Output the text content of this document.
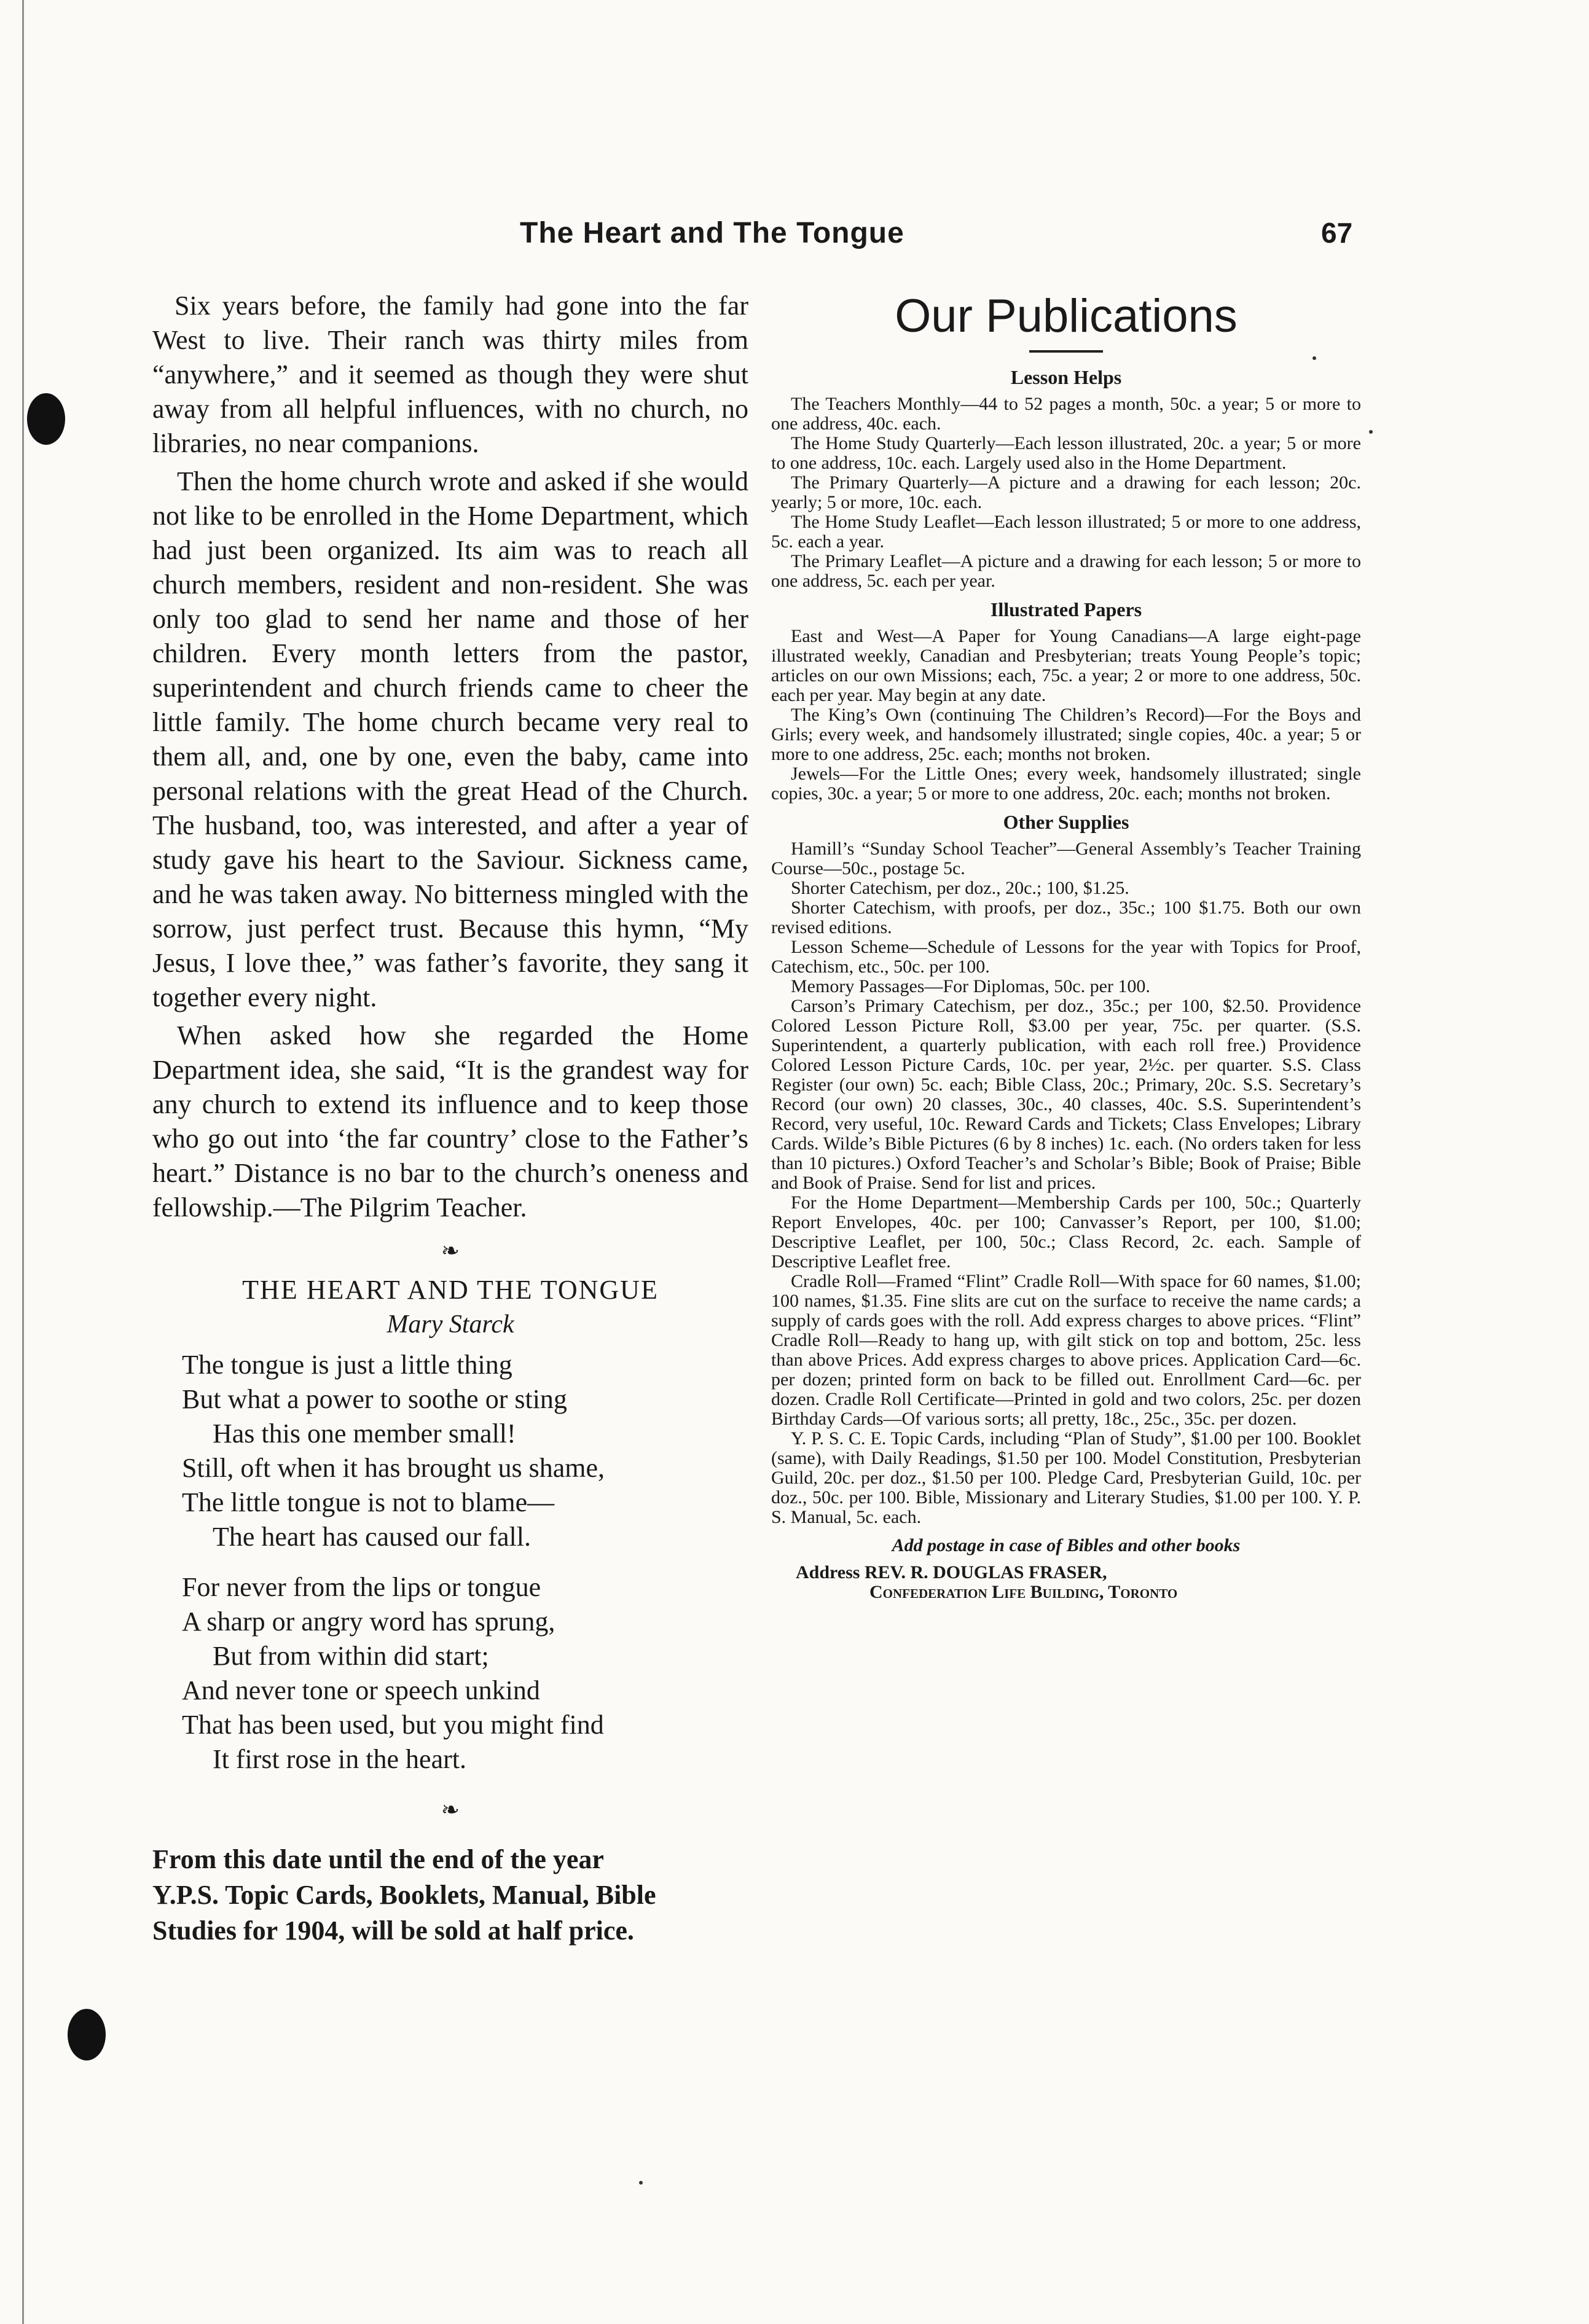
The Heart and The Tongue	67

Six years before, the family had gone into the far West to live. Their ranch was thirty miles from “anywhere,” and it seemed as though they were shut away from all helpful influences, with no church, no libraries, no near companions.

Then the home church wrote and asked if she would not like to be enrolled in the Home Department, which had just been organized. Its aim was to reach all church members, resident and non-resident. She was only too glad to send her name and those of her children. Every month letters from the pastor, superintendent and church friends came to cheer the little family. The home church became very real to them all, and, one by one, even the baby, came into personal relations with the great Head of the Church. The husband, too, was interested, and after a year of study gave his heart to the Saviour. Sickness came, and he was taken away. No bitterness mingled with the sorrow, just perfect trust. Because this hymn, “My Jesus, I love thee,” was father’s favorite, they sang it together every night.

When asked how she regarded the Home Department idea, she said, “It is the grandest way for any church to extend its influence and to keep those who go out into ‘the far country’ close to the Father’s heart.” Distance is no bar to the church’s oneness and fellowship.—The Pilgrim Teacher.

❧
THE HEART AND THE TONGUE
Mary Starck
The tongue is just a little thing
But what a power to soothe or sting
Has this one member small!
Still, oft when it has brought us shame,
The little tongue is not to blame—
The heart has caused our fall.
For never from the lips or tongue
A sharp or angry word has sprung,
But from within did start;
And never tone or speech unkind
That has been used, but you might find
It first rose in the heart.
❧
From this date until the end of the year
Y.P.S. Topic Cards, Booklets, Manual, Bible
Studies for 1904, will be sold at half price.
Our Publications
Lesson Helps

The Teachers Monthly—44 to 52 pages a month, 50c. a year; 5 or more to one address, 40c. each.

The Home Study Quarterly—Each lesson illustrated, 20c. a year; 5 or more to one address, 10c. each. Largely used also in the Home Department.

The Primary Quarterly—A picture and a drawing for each lesson; 20c. yearly; 5 or more, 10c. each.

The Home Study Leaflet—Each lesson illustrated; 5 or more to one address, 5c. each a year.

The Primary Leaflet—A picture and a drawing for each lesson; 5 or more to one address, 5c. each per year.

Illustrated Papers

East and West—A Paper for Young Canadians—A large eight-page illustrated weekly, Canadian and Presbyterian; treats Young People’s topic; articles on our own Missions; each, 75c. a year; 2 or more to one address, 50c. each per year. May begin at any date.

The King’s Own (continuing The Children’s Record)—For the Boys and Girls; every week, and handsomely illustrated; single copies, 40c. a year; 5 or more to one address, 25c. each; months not broken.

Jewels—For the Little Ones; every week, handsomely illustrated; single copies, 30c. a year; 5 or more to one address, 20c. each; months not broken.

Other Supplies

Hamill’s “Sunday School Teacher”—General Assembly’s Teacher Training Course—50c., postage 5c.

Shorter Catechism, per doz., 20c.; 100, $1.25.

Shorter Catechism, with proofs, per doz., 35c.; 100 $1.75. Both our own revised editions.

Lesson Scheme—Schedule of Lessons for the year with Topics for Proof, Catechism, etc., 50c. per 100.

Memory Passages—For Diplomas, 50c. per 100.

Carson’s Primary Catechism, per doz., 35c.; per 100, $2.50. Providence Colored Lesson Picture Roll, $3.00 per year, 75c. per quarter. (S.S. Superintendent, a quarterly publication, with each roll free.) Providence Colored Lesson Picture Cards, 10c. per year, 2½c. per quarter. S.S. Class Register (our own) 5c. each; Bible Class, 20c.; Primary, 20c. S.S. Secretary’s Record (our own) 20 classes, 30c., 40 classes, 40c. S.S. Superintendent’s Record, very useful, 10c. Reward Cards and Tickets; Class Envelopes; Library Cards. Wilde’s Bible Pictures (6 by 8 inches) 1c. each. (No orders taken for less than 10 pictures.) Oxford Teacher’s and Scholar’s Bible; Book of Praise; Bible and Book of Praise. Send for list and prices.

For the Home Department—Membership Cards per 100, 50c.; Quarterly Report Envelopes, 40c. per 100; Canvasser’s Report, per 100, $1.00; Descriptive Leaflet, per 100, 50c.; Class Record, 2c. each. Sample of Descriptive Leaflet free.

Cradle Roll—Framed “Flint” Cradle Roll—With space for 60 names, $1.00; 100 names, $1.35. Fine slits are cut on the surface to receive the name cards; a supply of cards goes with the roll. Add express charges to above prices. “Flint” Cradle Roll—Ready to hang up, with gilt stick on top and bottom, 25c. less than above Prices. Add express charges to above prices. Application Card—6c. per dozen; printed form on back to be filled out. Enrollment Card—6c. per dozen. Cradle Roll Certificate—Printed in gold and two colors, 25c. per dozen Birthday Cards—Of various sorts; all pretty, 18c., 25c., 35c. per dozen.

Y. P. S. C. E. Topic Cards, including “Plan of Study”, $1.00 per 100. Booklet (same), with Daily Readings, $1.50 per 100. Model Constitution, Presbyterian Guild, 20c. per doz., $1.50 per 100. Pledge Card, Presbyterian Guild, 10c. per doz., 50c. per 100. Bible, Missionary and Literary Studies, $1.00 per 100. Y. P. S. Manual, 5c. each.

Add postage in case of Bibles and other books
Address REV. R. DOUGLAS FRASER,
Confederation Life Building, Toronto
